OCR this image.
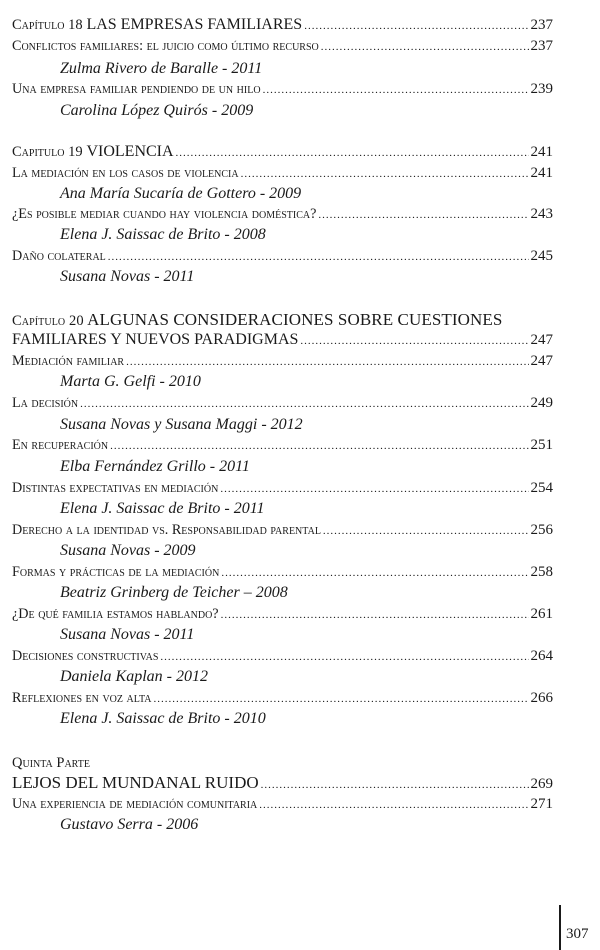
Capítulo 18 LAS EMPRESAS FAMILIARES .....	237
Conflictos familiares: el juicio como último recurso .....	237
Zulma Rivero de Baralle - 2011
Una empresa familiar pendiendo de un hilo .....	239
Carolina López Quirós - 2009
Capitulo 19 VIOLENCIA .....	241
La mediación en los casos de violencia .....	241
Ana María Sucaría de Gottero - 2009
¿Es posible mediar cuando hay violencia doméstica? .....	243
Elena J. Saissac de Brito - 2008
Daño colateral .....	245
Susana Novas - 2011
Capítulo 20 ALGUNAS CONSIDERACIONES SOBRE CUESTIONES
FAMILIARES Y NUEVOS PARADIGMAS .....	247
Mediación familiar .....	247
Marta G. Gelfi - 2010
La decisión .....	249
Susana Novas y Susana Maggi - 2012
En recuperación .....	251
Elba Fernández Grillo - 2011
Distintas expectativas en mediación .....	254
Elena J. Saissac de Brito - 2011
Derecho a la identidad vs. Responsabilidad parental .....	256
Susana Novas - 2009
Formas y prácticas de la mediación .....	258
Beatriz Grinberg de Teicher – 2008
¿De qué familia estamos hablando? .....	261
Susana Novas - 2011
Decisiones constructivas .....	264
Daniela Kaplan - 2012
Reflexiones en voz alta .....	266
Elena J. Saissac de Brito - 2010
Quinta Parte
LEJOS DEL MUNDANAL RUIDO .....	269
Una experiencia de mediación comunitaria .....	271
Gustavo Serra - 2006
307
